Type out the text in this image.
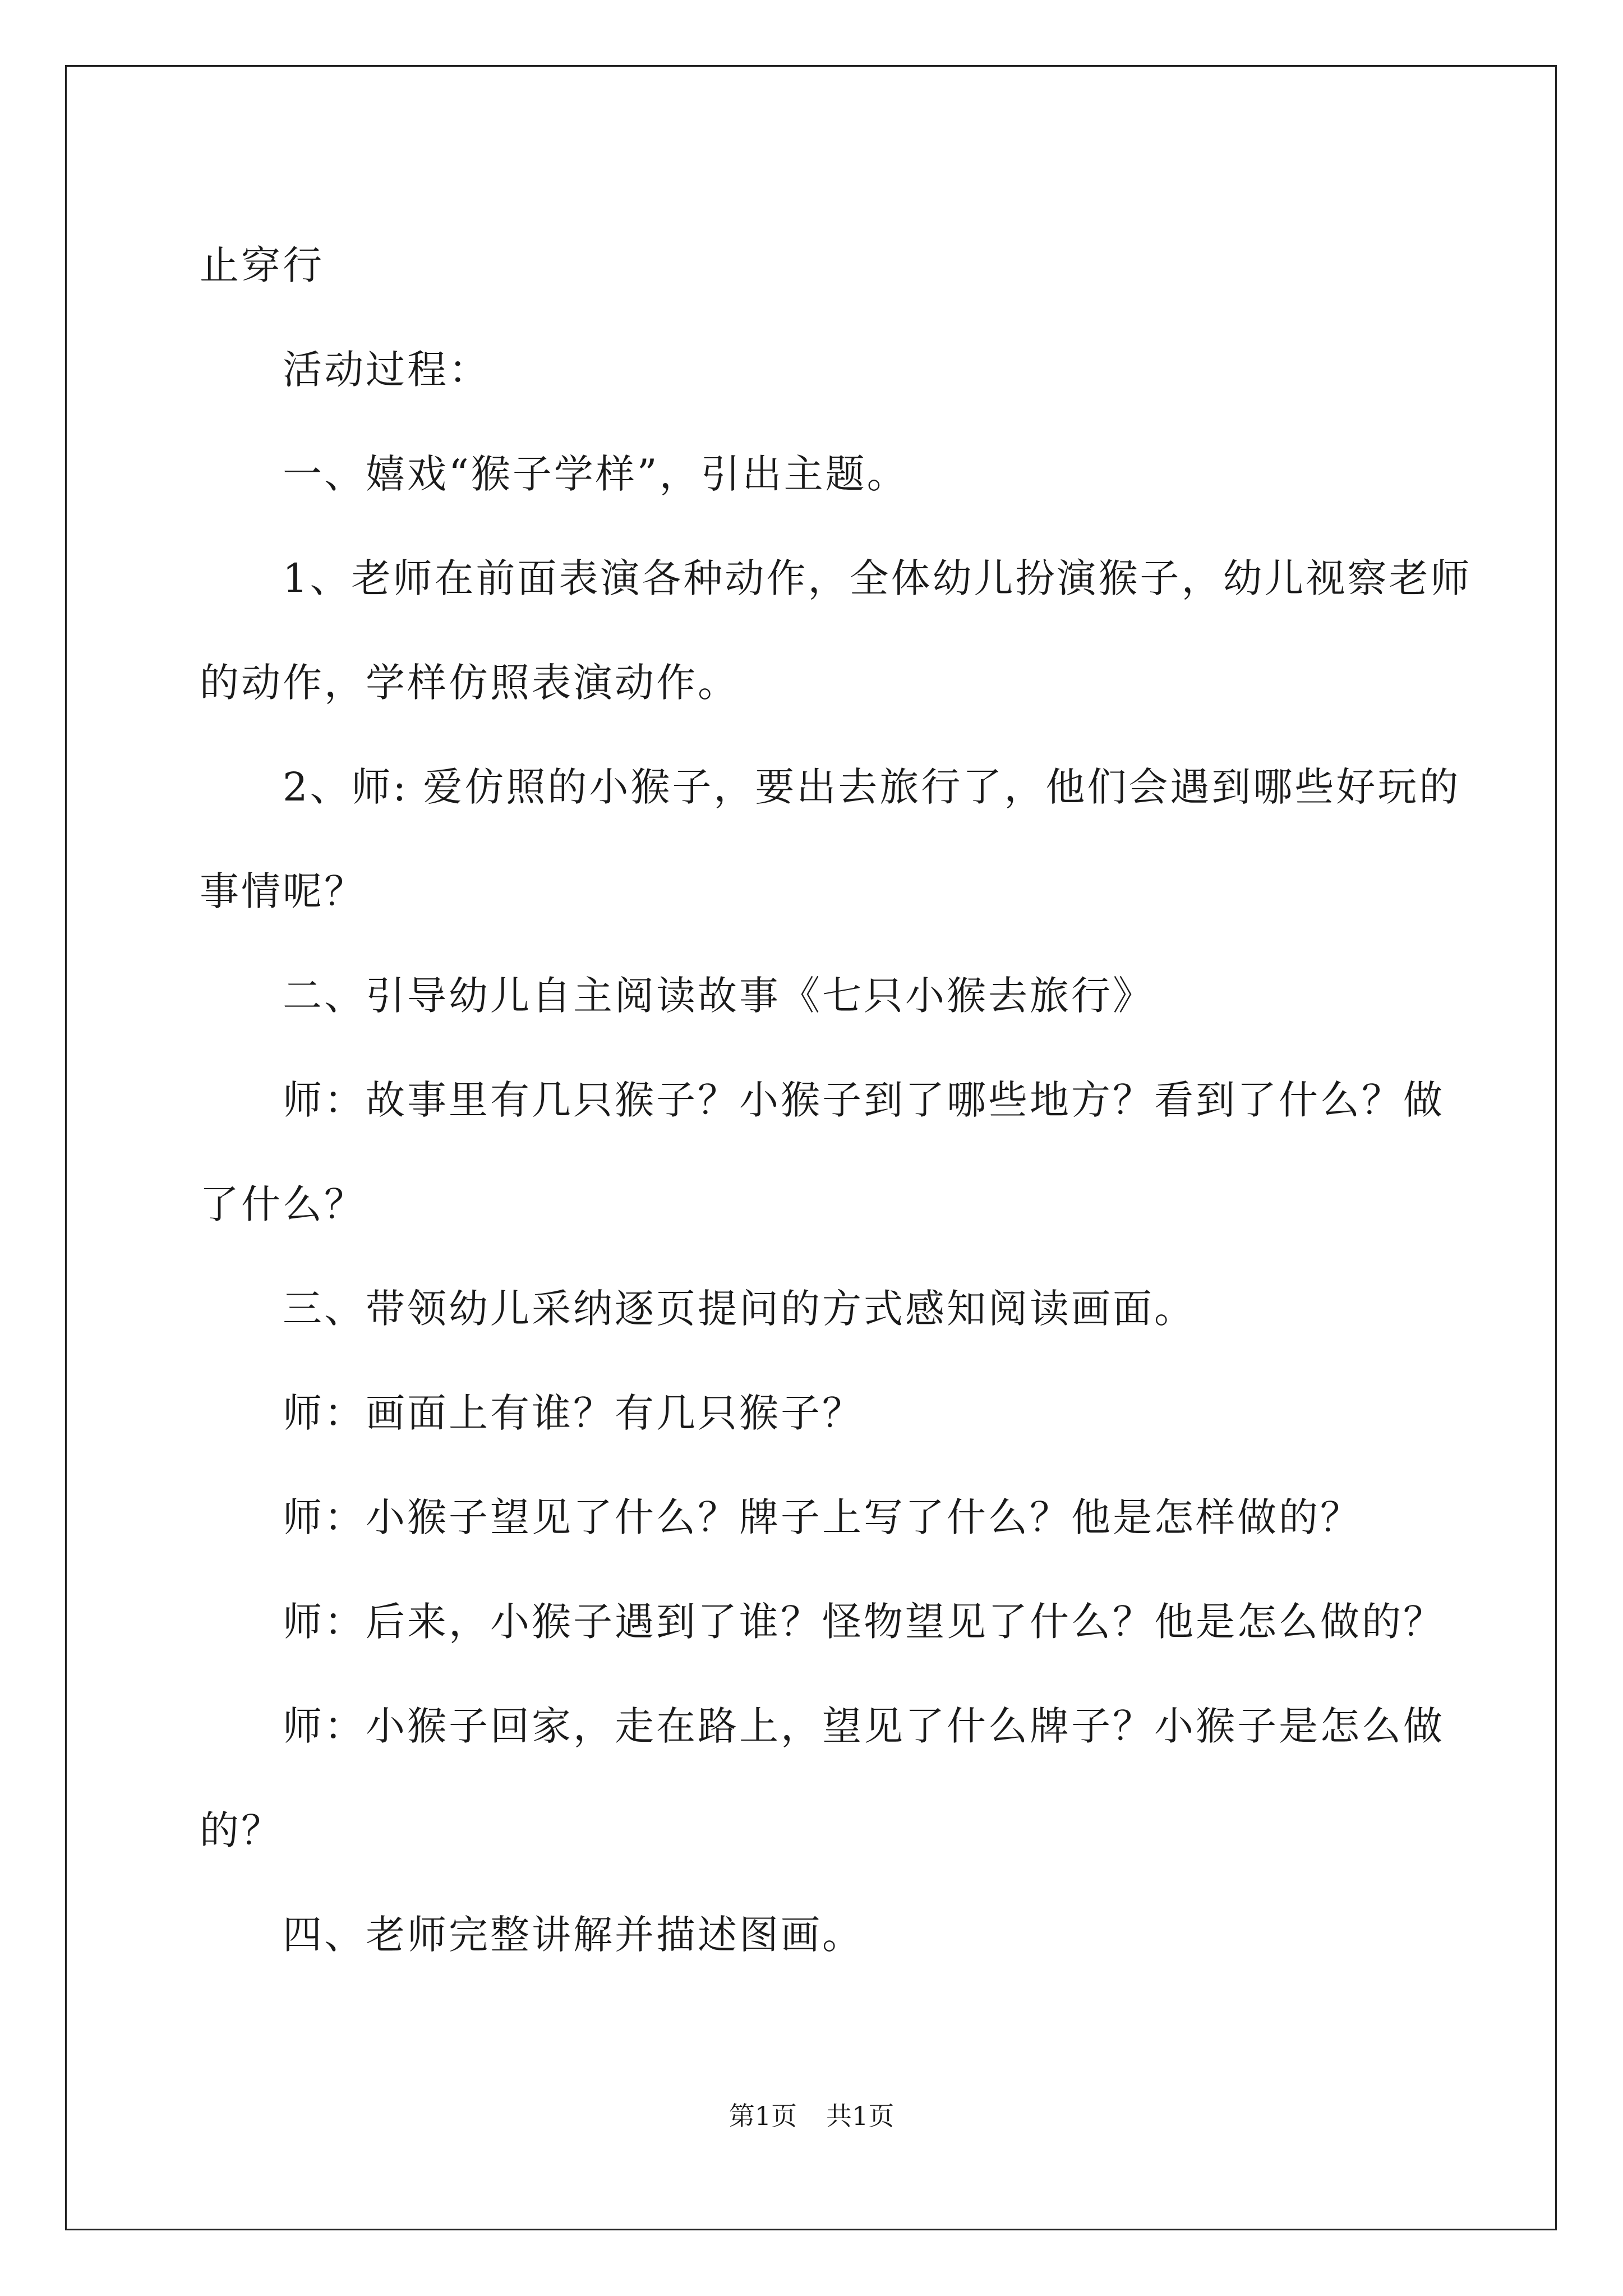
止穿行

活动过程：

一、嬉戏“猴子学样”，引出主题。

1、老师在前面表演各种动作，全体幼儿扮演猴子，幼儿视察老师

的动作，学样仿照表演动作。

2、师: 爱仿照的小猴子，要出去旅行了，他们会遇到哪些好玩的

事情呢？

二、引导幼儿自主阅读故事《七只小猴去旅行》

师：故事里有几只猴子？小猴子到了哪些地方？看到了什么？做

了什么？

三、带领幼儿采纳逐页提问的方式感知阅读画面。

师：画面上有谁？有几只猴子？

师：小猴子望见了什么？牌子上写了什么？他是怎样做的？

师：后来，小猴子遇到了谁？怪物望见了什么？他是怎么做的？

师：小猴子回家，走在路上，望见了什么牌子？小猴子是怎么做

的？

四、老师完整讲解并描述图画。

第1页 共1页
